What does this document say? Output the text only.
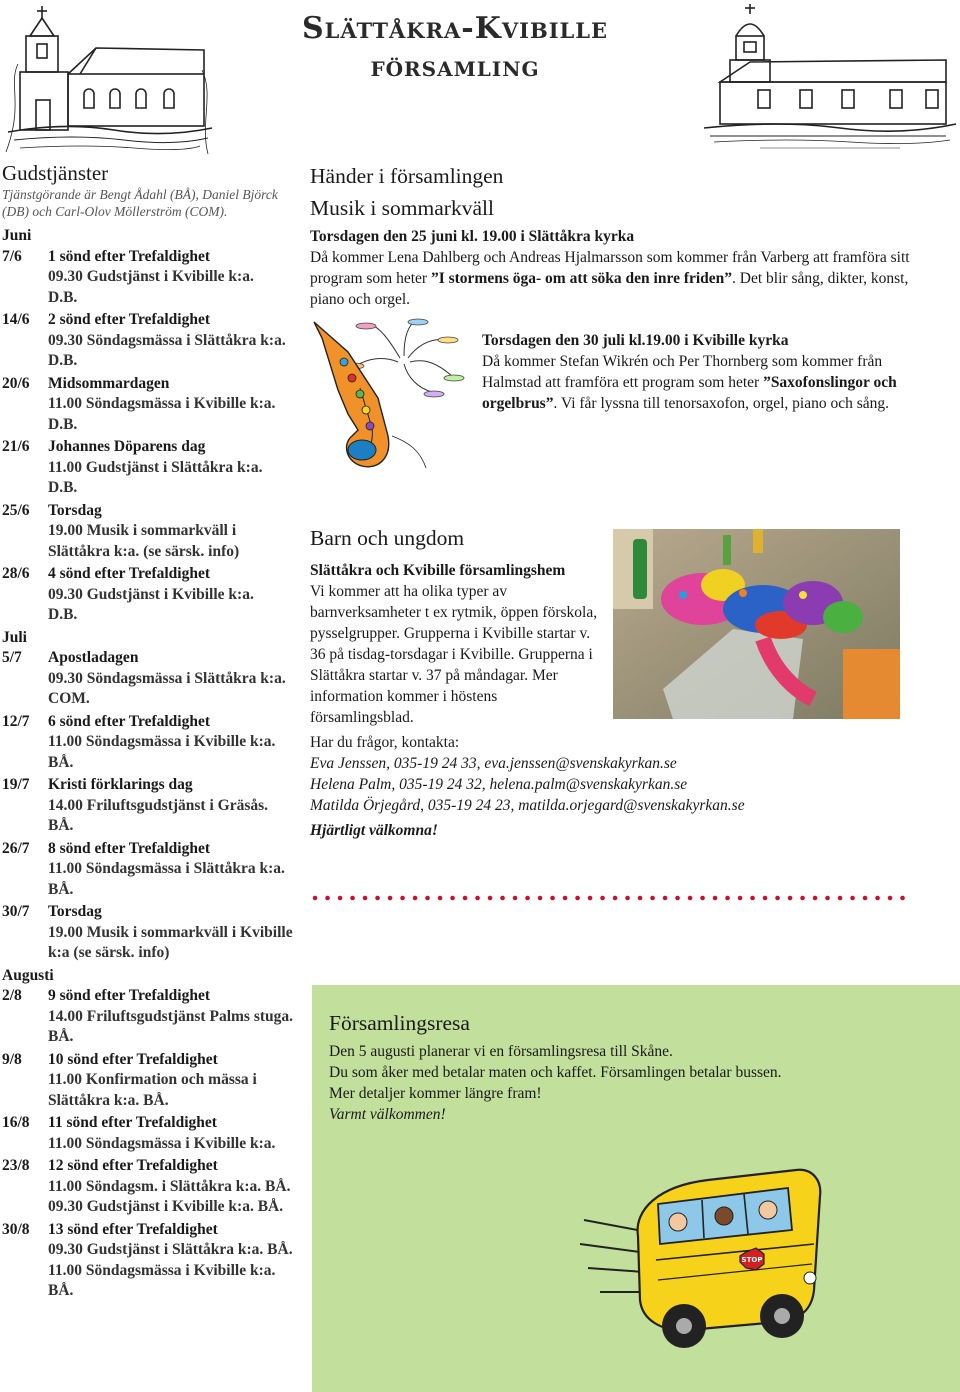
Slättåkra-Kvibille
församling
Gudstjänster
Tjänstgörande är Bengt Ådahl (BÅ), Daniel Björck (DB) och Carl-Olov Möllerström (COM).
Juni
7/6	1 sönd efter Trefaldighet
09.30 Gudstjänst i Kvibille k:a.
D.B.
14/6	2 sönd efter Trefaldighet
09.30 Söndagsmässa i Slättåkra k:a.
D.B.
20/6	Midsommardagen
11.00 Söndagsmässa i Kvibille k:a.
D.B.
21/6	Johannes Döparens dag
11.00 Gudstjänst i Slättåkra k:a.
D.B.
25/6	Torsdag
19.00 Musik i sommarkväll i Slättåkra k:a. (se särsk. info)
28/6	4 sönd efter Trefaldighet
09.30 Gudstjänst i Kvibille k:a.
D.B.
Juli
5/7	Apostladagen
09.30 Söndagsmässa i Slättåkra k:a.
COM.
12/7	6 sönd efter Trefaldighet
11.00 Söndagsmässa i Kvibille k:a.
BÅ.
19/7	Kristi förklarings dag
14.00 Friluftsgudstjänst i Gräsås.
BÅ.
26/7	8 sönd efter Trefaldighet
11.00 Söndagsmässa i Slättåkra k:a. BÅ.
30/7	Torsdag
19.00 Musik i sommarkväll i Kvibille k:a (se särsk. info)
Augusti
2/8	9 sönd efter Trefaldighet
14.00 Friluftsgudstjänst Palms stuga. BÅ.
9/8	10 sönd efter Trefaldighet
11.00 Konfirmation och mässa i Slättåkra k:a. BÅ.
16/8	11 sönd efter Trefaldighet
11.00 Söndagsmässa i Kvibille k:a.
23/8	12 sönd efter Trefaldighet
11.00 Söndagsm. i Slättåkra k:a. BÅ.
09.30 Gudstjänst i Kvibille k:a. BÅ.
30/8	13 sönd efter Trefaldighet
09.30 Gudstjänst i Slättåkra k:a. BÅ.
11.00 Söndagsmässa i Kvibille k:a.
BÅ.
Händer i församlingen
Musik i sommarkväll
Torsdagen den 25 juni kl. 19.00 i Slättåkra kyrka
Då kommer Lena Dahlberg och Andreas Hjalmarsson som kommer från Varberg att framföra sitt program som heter ”I stormens öga- om att söka den inre friden”. Det blir sång, dikter, konst, piano och orgel.
Torsdagen den 30 juli kl.19.00 i Kvibille kyrka
Då kommer Stefan Wikrén och Per Thornberg som kommer från Halmstad att framföra ett program som heter ”Saxofonslingor och orgelbrus”. Vi får lyssna till tenorsaxofon, orgel, piano och sång.
Barn och ungdom
Slättåkra och Kvibille församlingshem
Vi kommer att ha olika typer av barnverksamheter t ex rytmik, öppen förskola, pysselgrupper. Grupperna i Kvibille startar v. 36 på tisdag-torsdagar i Kvibille. Grupperna i Slättåkra startar v. 37 på måndagar. Mer information kommer i höstens församlingsblad.
Har du frågor, kontakta:
Eva Jenssen, 035-19 24 33, eva.jenssen@svenskakyrkan.se
Helena Palm, 035-19 24 32, helena.palm@svenskakyrkan.se
Matilda Örjegård, 035-19 24 23, matilda.orjegard@svenskakyrkan.se
Hjärtligt välkomna!
Församlingsresa
Den 5 augusti planerar vi en församlingsresa till Skåne.
Du som åker med betalar maten och kaffet. Församlingen betalar bussen.
Mer detaljer kommer längre fram!
Varmt välkommen!
STOP
